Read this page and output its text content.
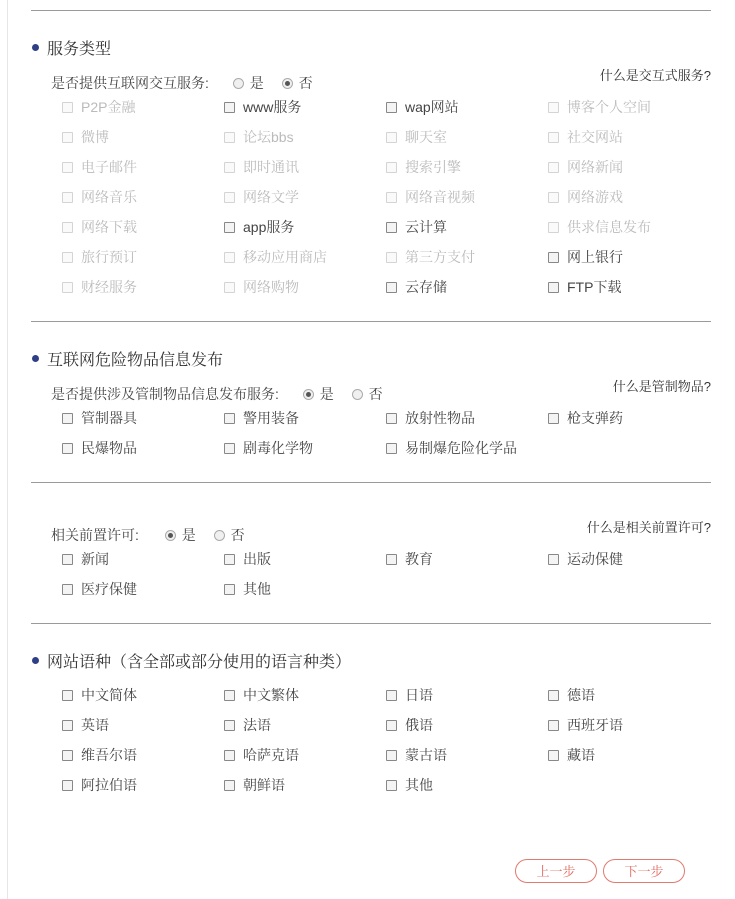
服务类型
是否提供互联网交互服务:	是 否	什么是交互式服务?
P2P金融	www服务	wap网站	博客个人空间
微博	论坛bbs	聊天室	社交网站
电子邮件	即时通讯	搜索引擎	网络新闻
网络音乐	网络文学	网络音视频	网络游戏
网络下载	app服务	云计算	供求信息发布
旅行预订	移动应用商店	第三方支付	网上银行
财经服务	网络购物	云存储	FTP下载
互联网危险物品信息发布
是否提供涉及管制物品信息发布服务:	是 否	什么是管制物品?
管制器具	警用装备	放射性物品	枪支弹药
民爆物品	剧毒化学物	易制爆危险化学品
相关前置许可:	是 否	什么是相关前置许可?
新闻	出版	教育	运动保健
医疗保健	其他
网站语种（含全部或部分使用的语言种类）
中文简体	中文繁体	日语	德语
英语	法语	俄语	西班牙语
维吾尔语	哈萨克语	蒙古语	藏语
阿拉伯语	朝鲜语	其他
上一步	下一步
